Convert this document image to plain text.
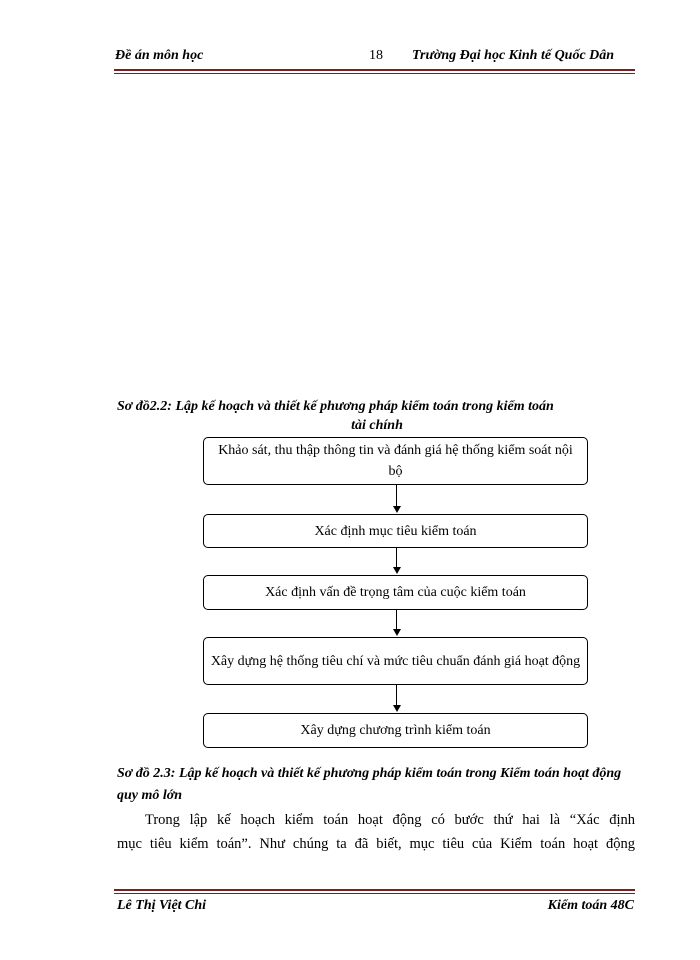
Đề án môn học	18 Trường Đại học Kinh tế Quốc Dân
Sơ đồ2.2: Lập kế hoạch và thiết kế phương pháp kiểm toán trong kiểm toán
tài chính
Khảo sát, thu thập thông tin và đánh giá hệ thống kiểm soát nội bộ
Xác định mục tiêu kiểm toán
Xác định vấn đề trọng tâm của cuộc kiểm toán
Xây dựng hệ thống tiêu chí và mức tiêu chuẩn đánh giá hoạt động
Xây dựng chương trình kiểm toán
Sơ đồ 2.3: Lập kế hoạch và thiết kế phương pháp kiểm toán trong Kiểm toán hoạt động quy mô lớn
Trong lập kế hoạch kiểm toán hoạt động có bước thứ hai là “Xác định
mục tiêu kiểm toán”. Như chúng ta đã biết, mục tiêu của Kiểm toán hoạt động
Lê Thị Việt Chi	Kiểm toán 48C
